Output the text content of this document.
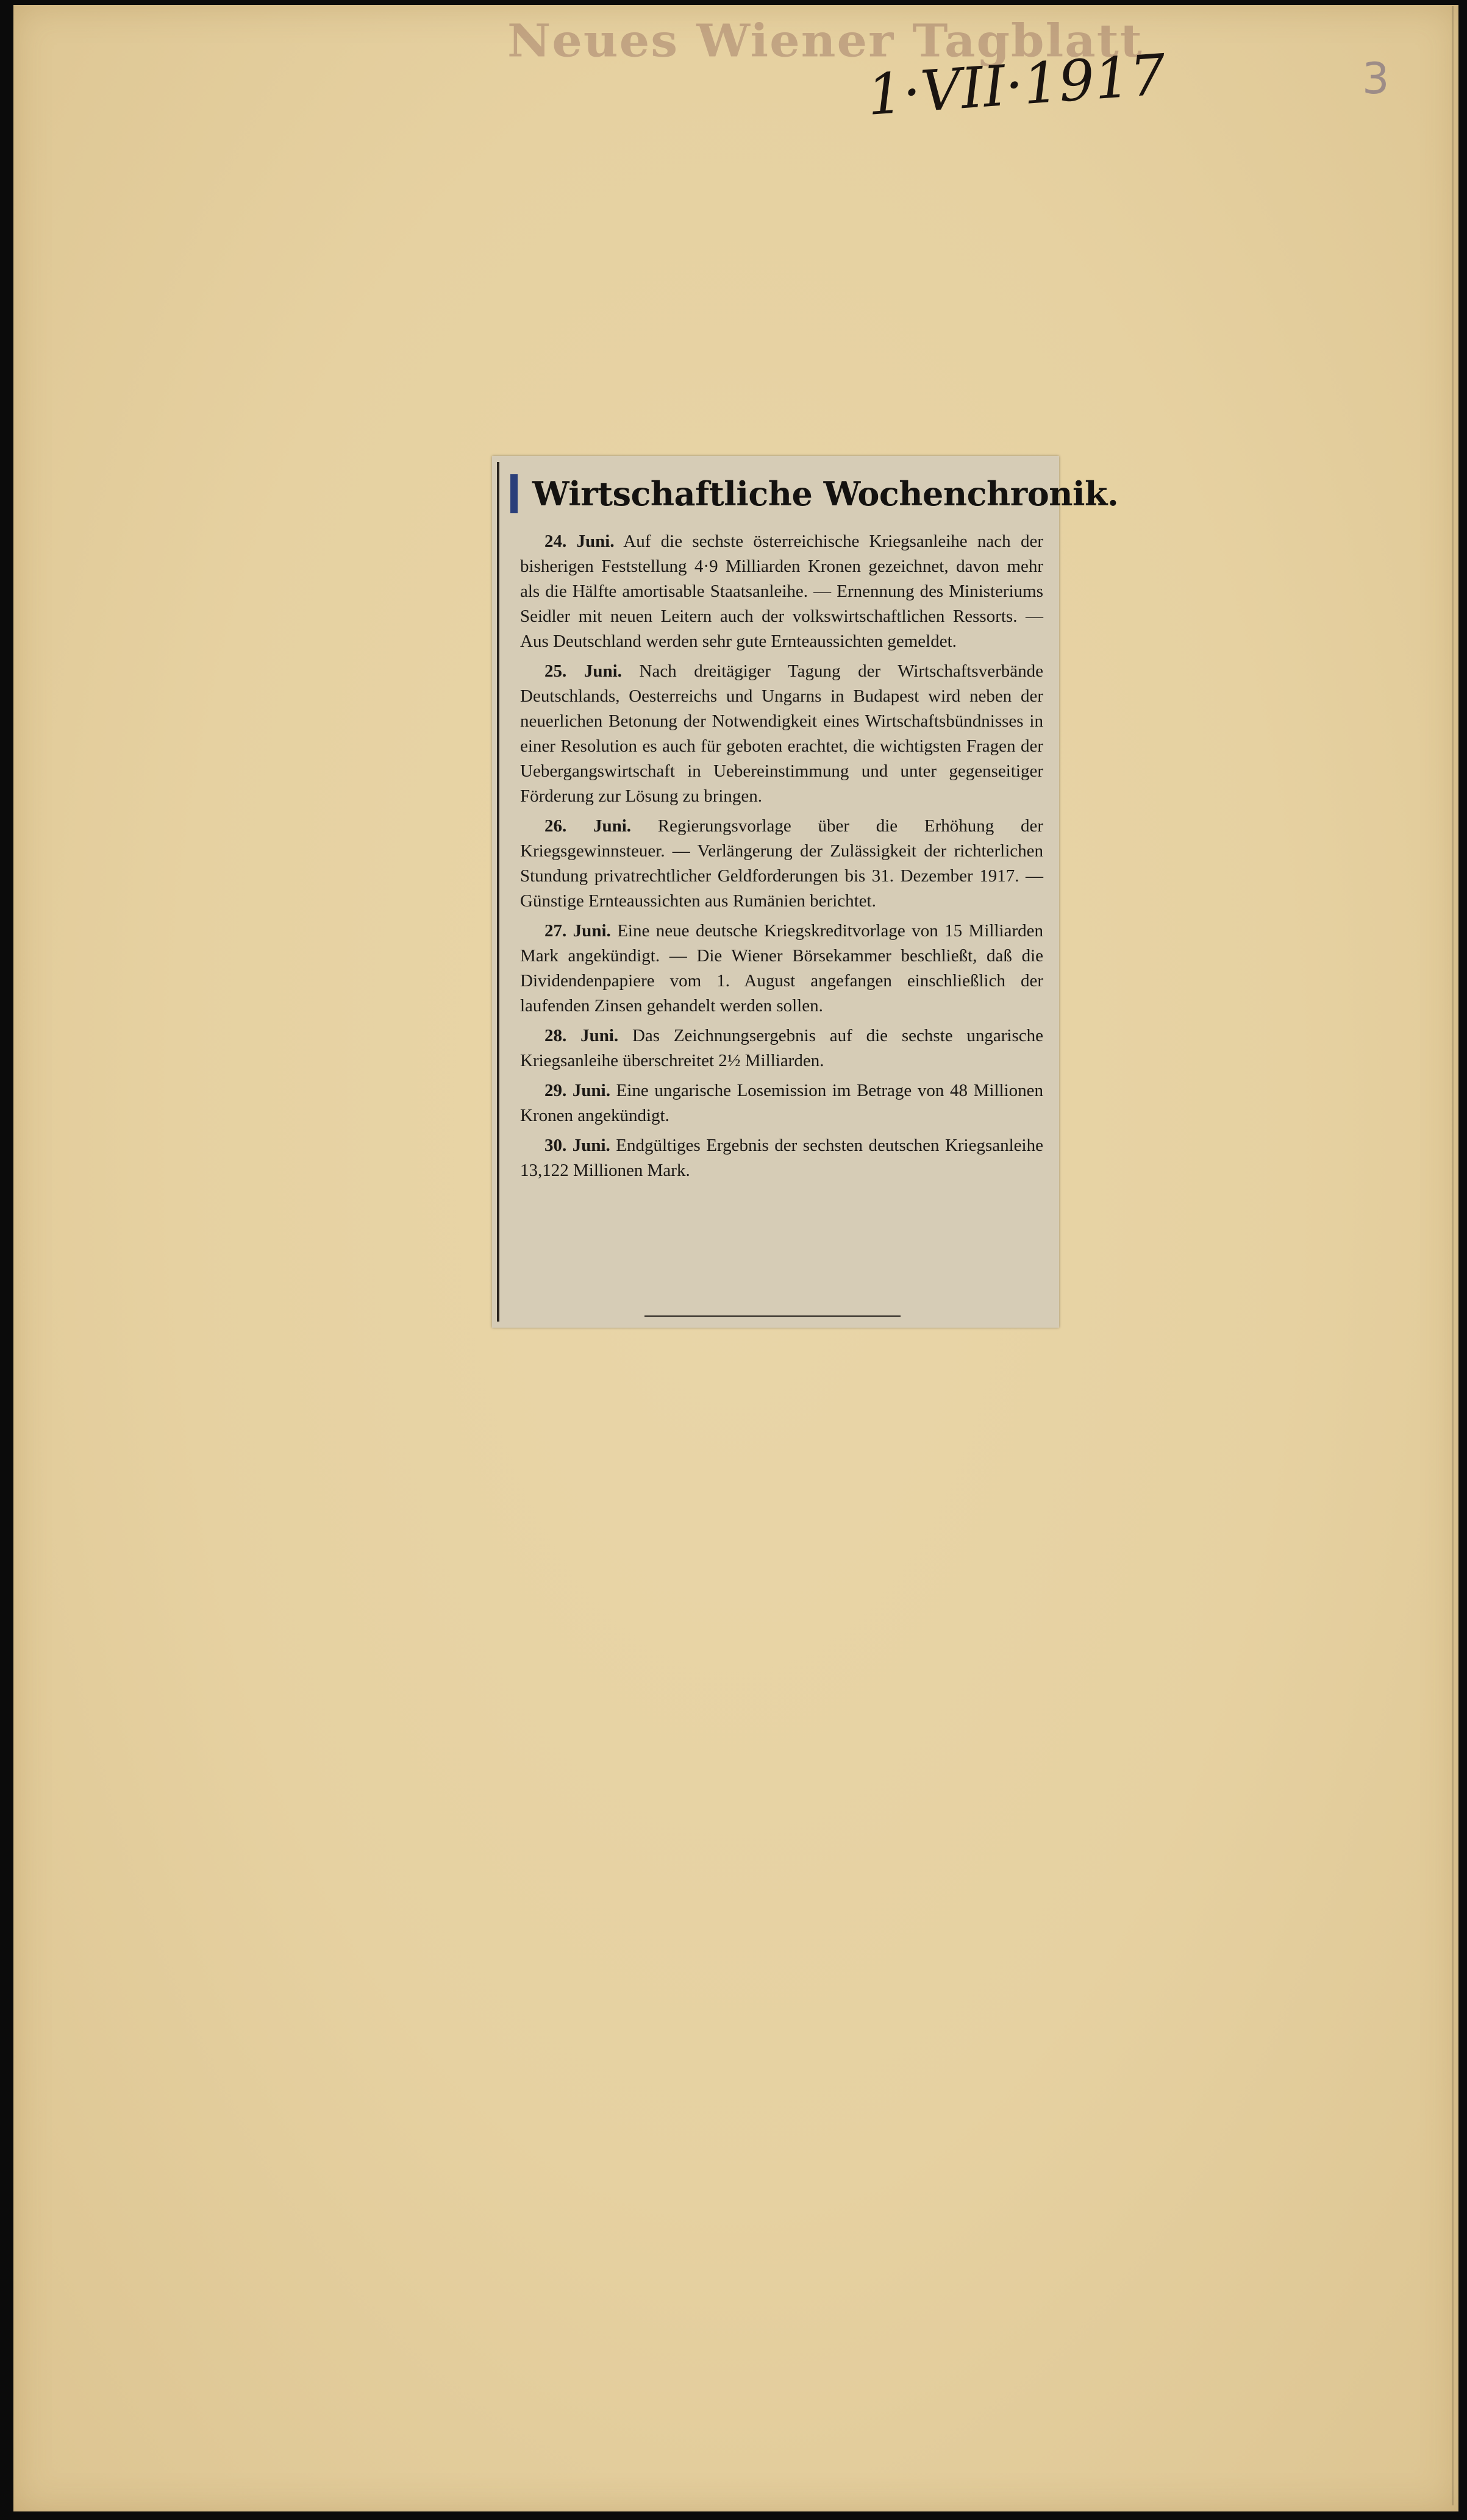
Neues Wiener Tagblatt
1·VII·1917	3
Wirtschaftliche Wochenchronik.

24. Juni. Auf die sechste österreichische Kriegsanleihe nach der bisherigen Feststellung 4·9 Milliarden Kronen gezeichnet, davon mehr als die Hälfte amortisable Staatsanleihe. — Ernennung des Ministeriums Seidler mit neuen Leitern auch der volkswirtschaftlichen Ressorts. — Aus Deutschland werden sehr gute Ernteaussichten gemeldet.

25. Juni. Nach dreitägiger Tagung der Wirtschaftsverbände Deutschlands, Oesterreichs und Ungarns in Budapest wird neben der neuerlichen Betonung der Notwendigkeit eines Wirtschaftsbündnisses in einer Resolution es auch für geboten erachtet, die wichtigsten Fragen der Uebergangswirtschaft in Uebereinstimmung und unter gegenseitiger Förderung zur Lösung zu bringen.

26. Juni. Regierungsvorlage über die Erhöhung der Kriegsgewinnsteuer. — Verlängerung der Zulässigkeit der richterlichen Stundung privatrechtlicher Geldforderungen bis 31. Dezember 1917. — Günstige Ernteaussichten aus Rumänien berichtet.

27. Juni. Eine neue deutsche Kriegskreditvorlage von 15 Milliarden Mark angekündigt. — Die Wiener Börsekammer beschließt, daß die Dividendenpapiere vom 1. August angefangen einschließlich der laufenden Zinsen gehandelt werden sollen.

28. Juni. Das Zeichnungsergebnis auf die sechste ungarische Kriegsanleihe überschreitet 2½ Milliarden.

29. Juni. Eine ungarische Losemission im Betrage von 48 Millionen Kronen angekündigt.

30. Juni. Endgültiges Ergebnis der sechsten deutschen Kriegsanleihe 13,122 Millionen Mark.
